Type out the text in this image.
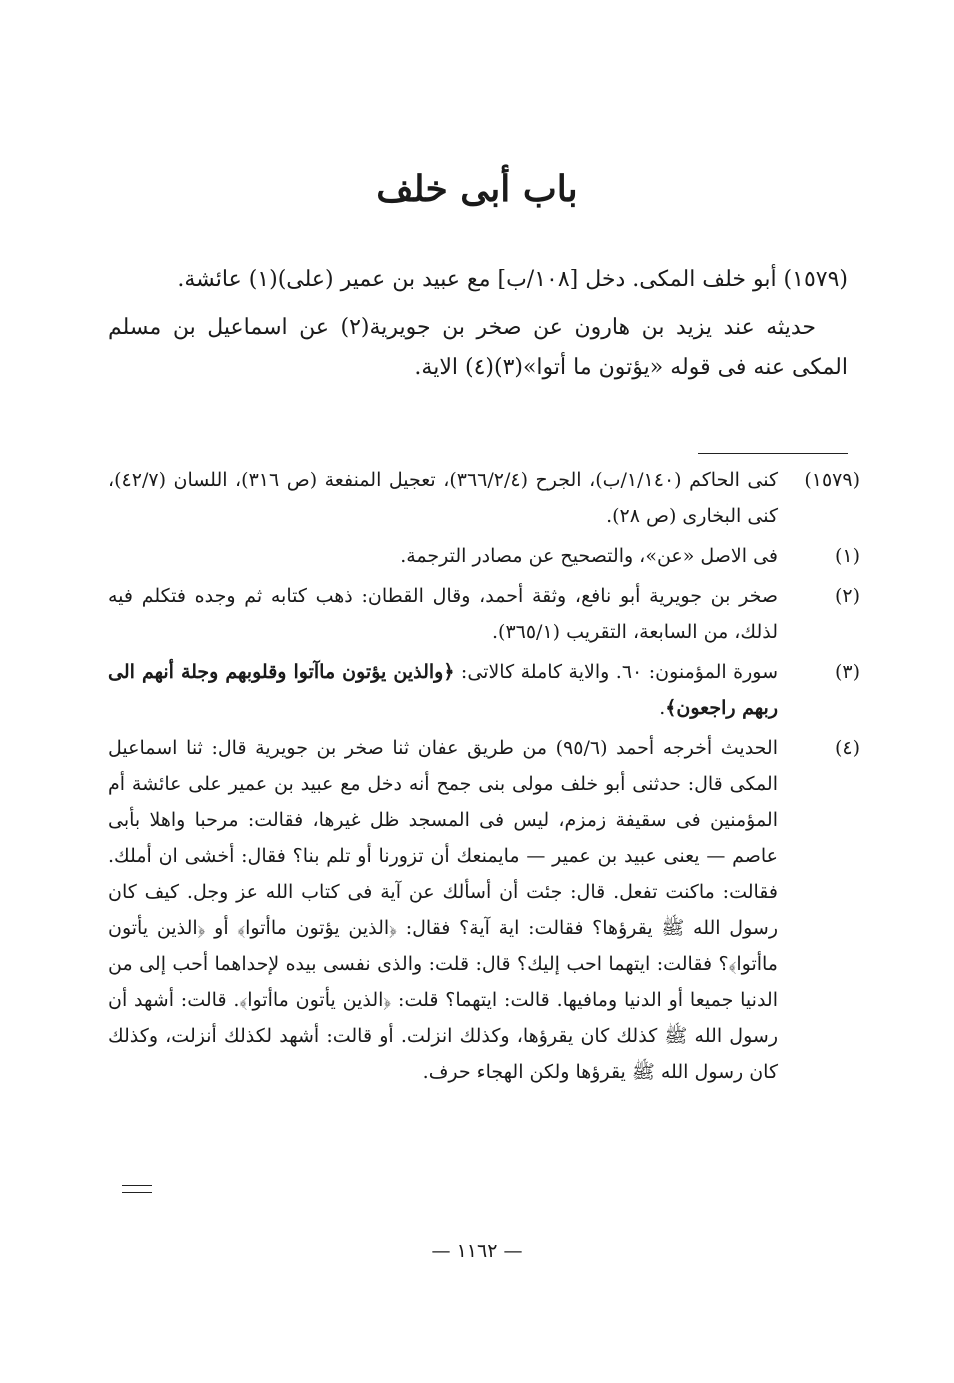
باب أبى خلف

(١٥٧٩) أبو خلف المكى. دخل [١٠٨/ب] مع عبيد بن عمير (على)(١) عائشة.

حديثه عند يزيد بن هارون عن صخر بن جويرية(٢) عن اسماعيل بن مسلم المكى عنه فى قوله «يؤتون ما أتوا»(٣)(٤) الاية.

(١٥٧٩)
كنى الحاكم (١/١٤٠/ب)، الجرح (٣٦٦/٢/٤)، تعجيل المنفعة (ص ٣١٦)، اللسان (٤٢/٧)، كنى البخارى (ص ٢٨).
(١)
فى الاصل «عن»، والتصحيح عن مصادر الترجمة.
(٢)
صخر بن جويرية أبو نافع، وثقة أحمد، وقال القطان: ذهب كتابه ثم وجده فتكلم فيه لذلك، من السابعة، التقريب (٣٦٥/١).
(٣)
سورة المؤمنون: ٦٠. والاية كاملة كالاتى: ﴿والذين يؤتون ماآتوا وقلوبهم وجلة أنهم الى ربهم راجعون﴾.
(٤)
الحديث أخرجه أحمد (٩٥/٦) من طريق عفان ثنا صخر بن جويرية قال: ثنا اسماعيل المكى قال: حدثنى أبو خلف مولى بنى جمح أنه دخل مع عبيد بن عمير على عائشة أم المؤمنين فى سقيفة زمزم، ليس فى المسجد ظل غيرها، فقالت: مرحبا واهلا بأبى عاصم — يعنى عبيد بن عمير — مايمنعك أن تزورنا أو تلم بنا؟ فقال: أخشى ان أملك. فقالت: ماكنت تفعل. قال: جئت أن أسألك عن آية فى كتاب الله عز وجل. كيف كان رسول الله ﷺ يقرؤها؟ فقالت: اية آية؟ فقال: ﴿الذين يؤتون ماأتوا﴾ أو ﴿الذين يأتون ماأتوا﴾؟ فقالت: ايتهما احب إليك؟ قال: قلت: والذى نفسى بيده لإحداهما أحب إلى من الدنيا جميعا أو الدنيا ومافيها. قالت: ايتهما؟ قلت: ﴿الذين يأتون ماأتوا﴾. قالت: أشهد أن رسول الله ﷺ كذلك كان يقرؤها، وكذلك انزلت. أو قالت: أشهد لكذلك أنزلت، وكذلك كان رسول الله ﷺ يقرؤها ولكن الهجاء حرف.
— ١١٦٢ —
